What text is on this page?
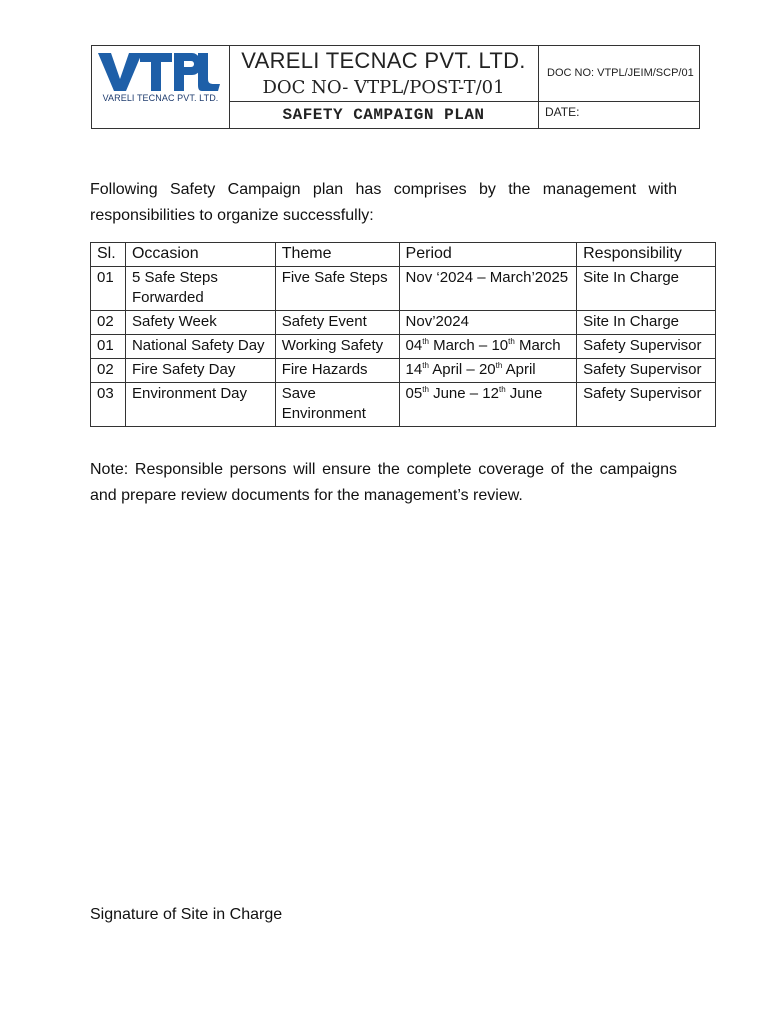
VARELI TECNAC PVT. LTD.
VARELI TECNAC PVT. LTD.
DOC NO- VTPL/POST-T/01
SAFETY CAMPAIGN PLAN
DOC NO: VTPL/JEIM/SCP/01
DATE:
Following Safety Campaign plan has comprises by the management with responsibilities to organize successfully:
Sl.	Occasion	Theme	Period	Responsibility
01	5 Safe Steps Forwarded	Five Safe Steps	Nov ‘2024 – March’2025	Site In Charge
02	Safety Week	Safety Event	Nov’2024	Site In Charge
01	National Safety Day	Working Safety	04th March – 10th March	Safety Supervisor
02	Fire Safety Day	Fire Hazards	14th April – 20th April	Safety Supervisor
03	Environment Day	Save Environment	05th June – 12th June	Safety Supervisor
Note: Responsible persons will ensure the complete coverage of the campaigns and prepare review documents for the management’s review.
Signature of Site in Charge
